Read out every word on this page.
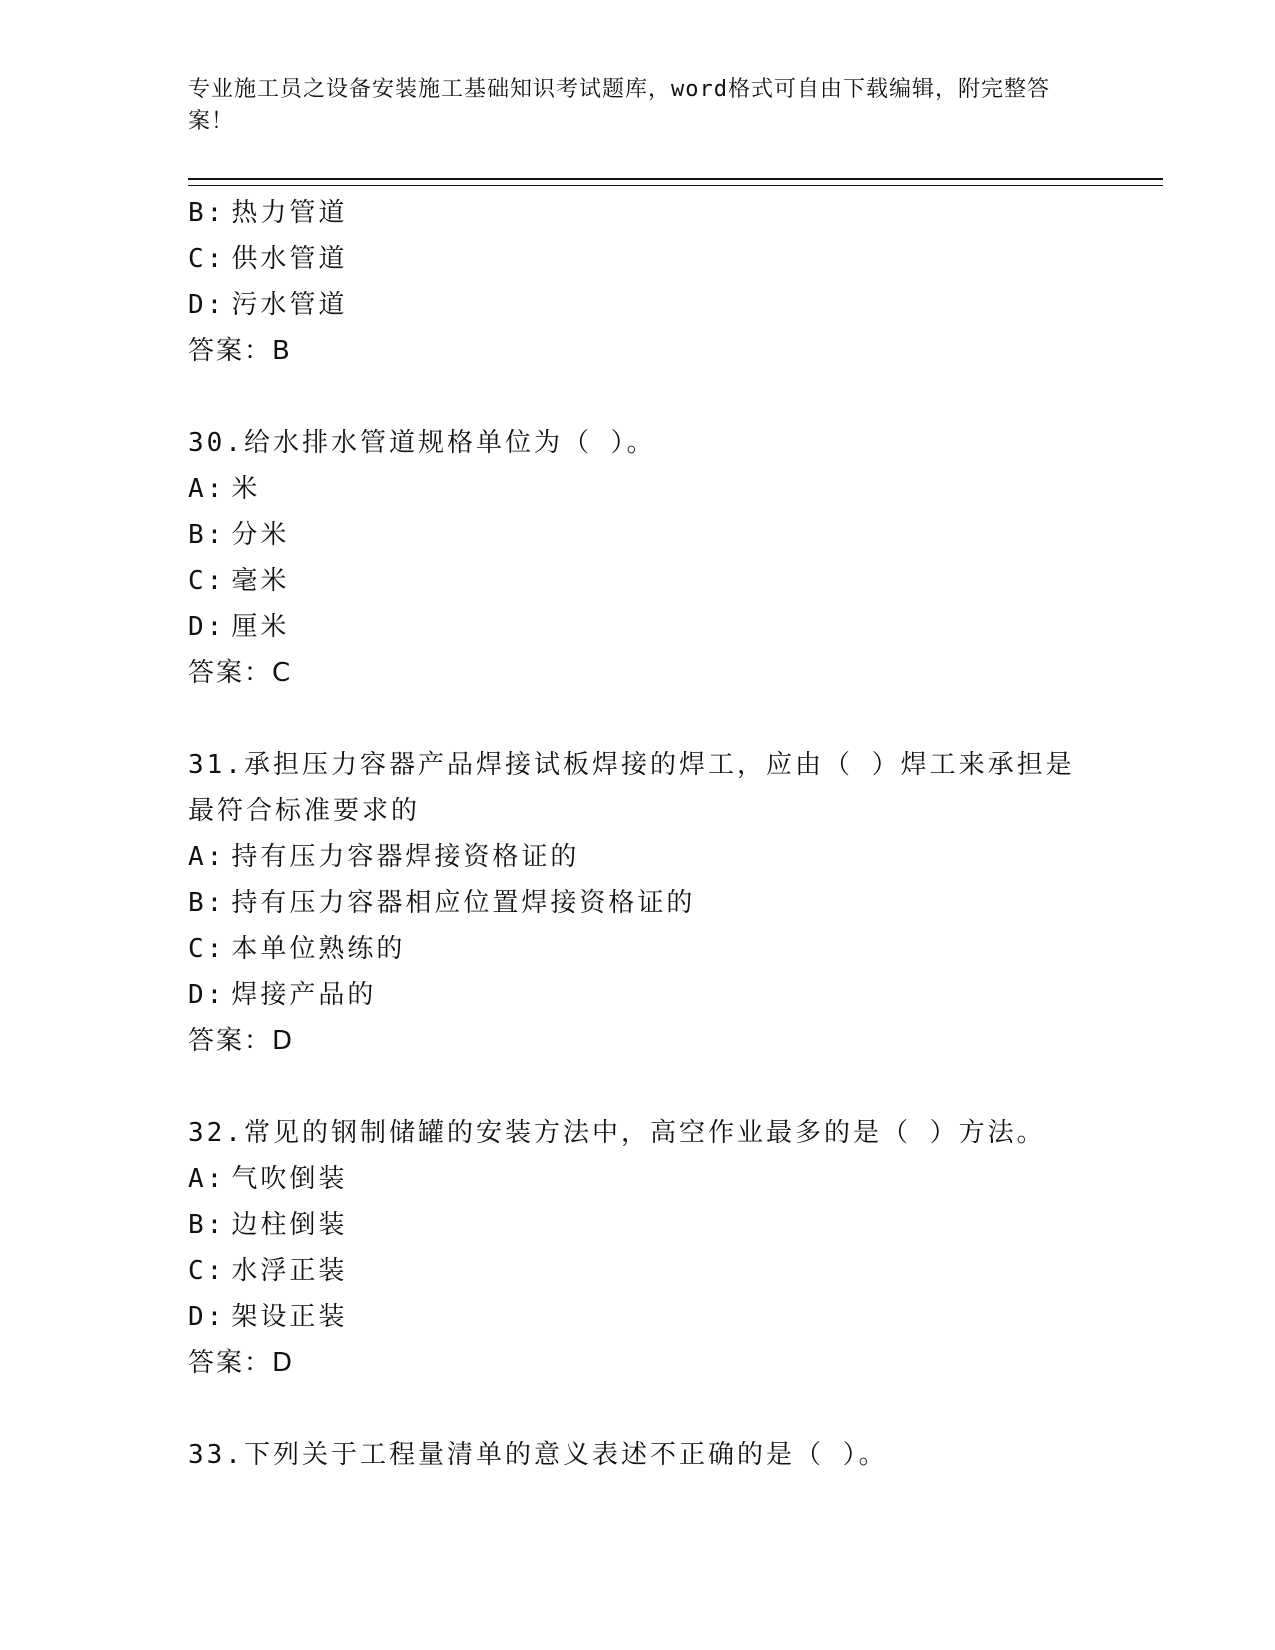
专业施工员之设备安装施工基础知识考试题库，word格式可自由下载编辑，附完整答案！
B: 热力管道
C: 供水管道
D: 污水管道
答案：B
30.给水排水管道规格单位为（ ）。
A: 米
B: 分米
C: 毫米
D: 厘米
答案：C
31.承担压力容器产品焊接试板焊接的焊工，应由（ ）焊工来承担是
最符合标准要求的
A: 持有压力容器焊接资格证的
B: 持有压力容器相应位置焊接资格证的
C: 本单位熟练的
D: 焊接产品的
答案：D
32.常见的钢制储罐的安装方法中，高空作业最多的是（ ）方法。
A: 气吹倒装
B: 边柱倒装
C: 水浮正装
D: 架设正装
答案：D
33.下列关于工程量清单的意义表述不正确的是（ ）。
